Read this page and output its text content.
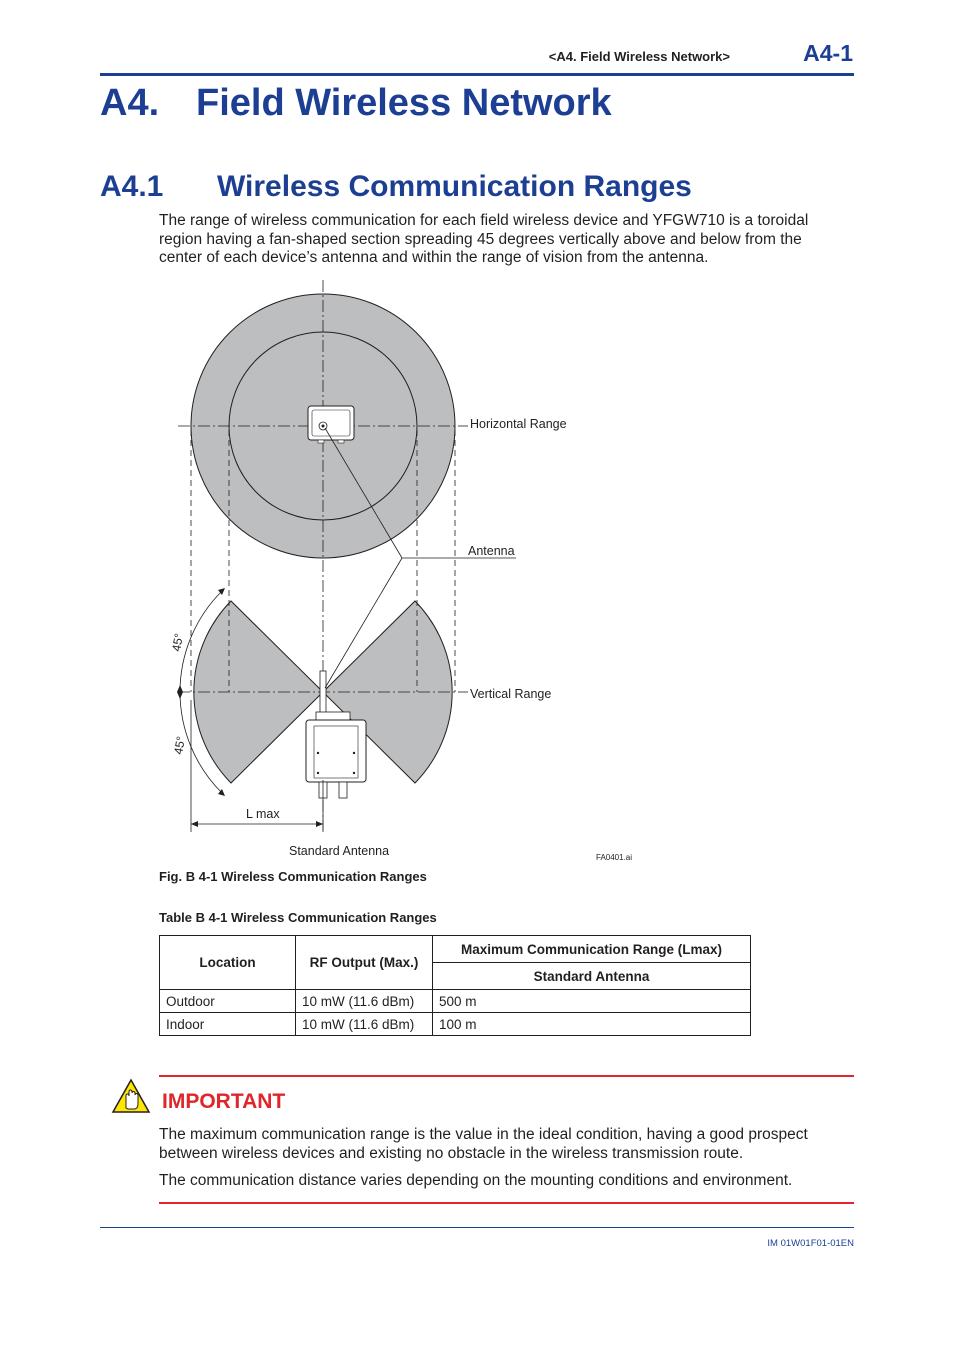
<A4. Field Wireless Network>	A4-1
A4. Field Wireless Network
A4.1 Wireless Communication Ranges
The range of wireless communication for each field wireless device and YFGW710 is a toroidal region having a fan-shaped section spreading 45 degrees vertically above and below from the center of each device’s antenna and within the range of vision from the antenna.
Horizontal Range
Antenna
Vertical Range
45°
45°
L max
Standard Antenna	FA0401.ai
Fig. B 4-1 Wireless Communication Ranges
Table B 4-1 Wireless Communication Ranges
Location	RF Output (Max.)	Maximum Communication Range (Lmax)
		Standard Antenna
Outdoor	10 mW (11.6 dBm)	500 m
Indoor	10 mW (11.6 dBm)	100 m
IMPORTANT
The maximum communication range is the value in the ideal condition, having a good prospect between wireless devices and existing no obstacle in the wireless transmission route.
The communication distance varies depending on the mounting conditions and environment.
IM 01W01F01-01EN
